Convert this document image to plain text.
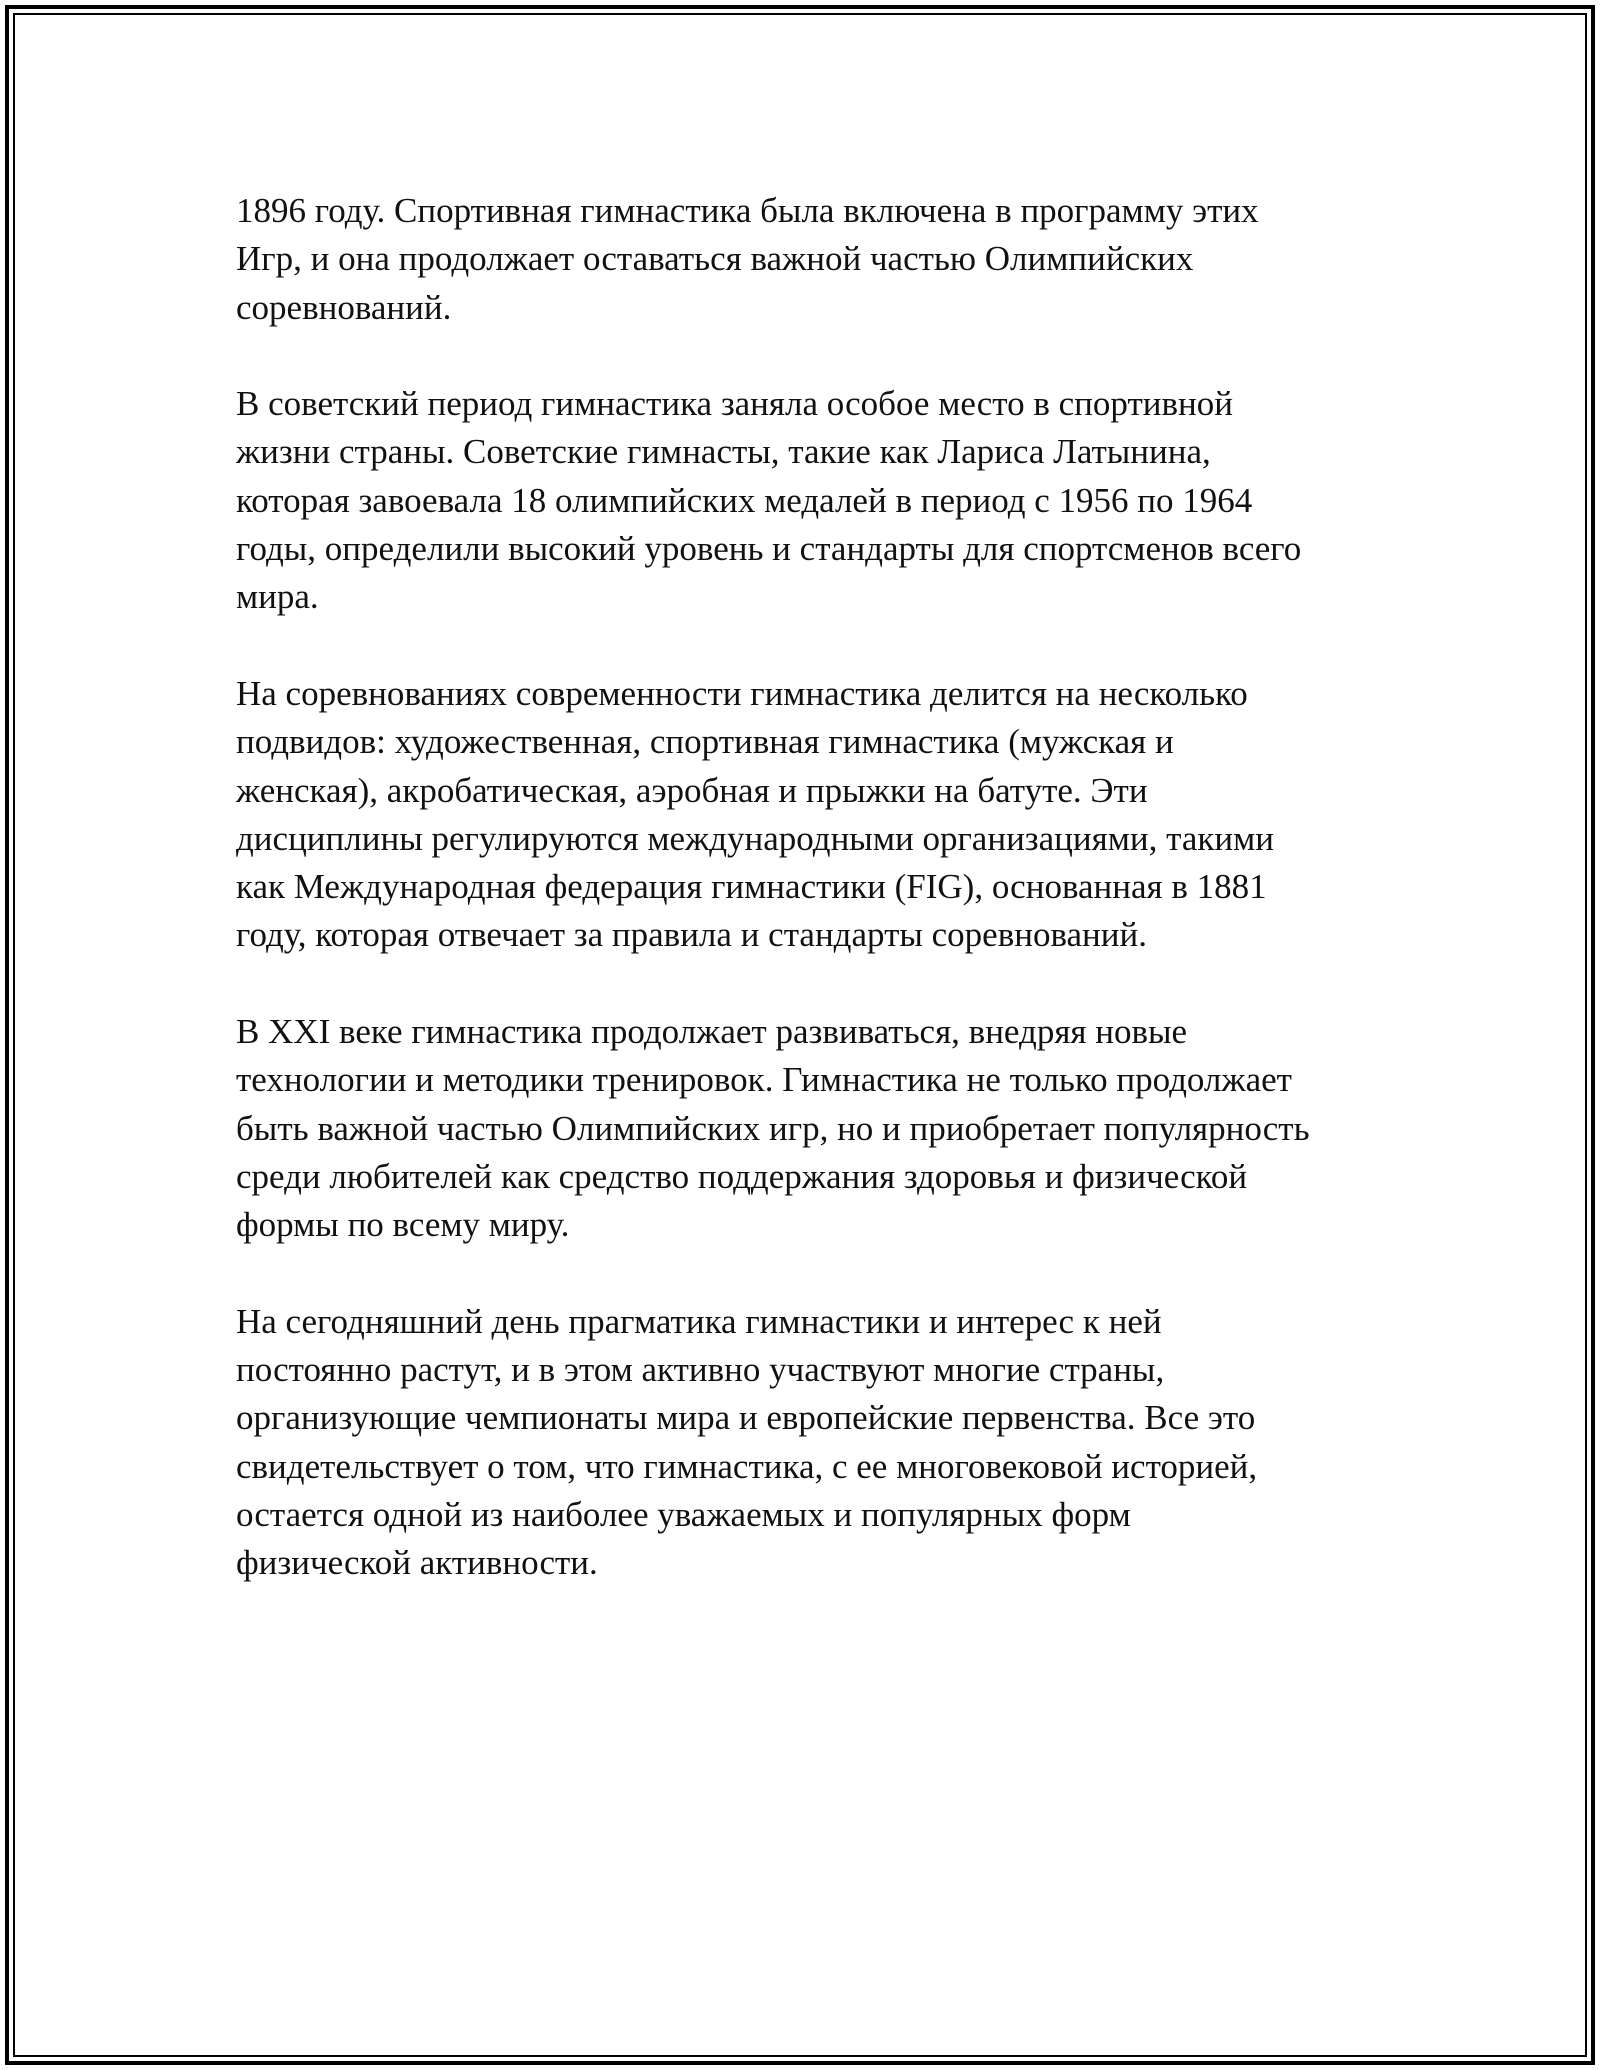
1896 году. Спортивная гимнастика была включена в программу этих
Игр, и она продолжает оставаться важной частью Олимпийских
соревнований.

В советский период гимнастика заняла особое место в спортивной
жизни страны. Советские гимнасты, такие как Лариса Латынина,
которая завоевала 18 олимпийских медалей в период с 1956 по 1964
годы, определили высокий уровень и стандарты для спортсменов всего
мира.

На соревнованиях современности гимнастика делится на несколько
подвидов: художественная, спортивная гимнастика (мужская и
женская), акробатическая, аэробная и прыжки на батуте. Эти
дисциплины регулируются международными организациями, такими
как Международная федерация гимнастики (FIG), основанная в 1881
году, которая отвечает за правила и стандарты соревнований.

В XXI веке гимнастика продолжает развиваться, внедряя новые
технологии и методики тренировок. Гимнастика не только продолжает
быть важной частью Олимпийских игр, но и приобретает популярность
среди любителей как средство поддержания здоровья и физической
формы по всему миру.

На сегодняшний день прагматика гимнастики и интерес к ней
постоянно растут, и в этом активно участвуют многие страны,
организующие чемпионаты мира и европейские первенства. Все это
свидетельствует о том, что гимнастика, с ее многовековой историей,
остается одной из наиболее уважаемых и популярных форм
физической активности.
